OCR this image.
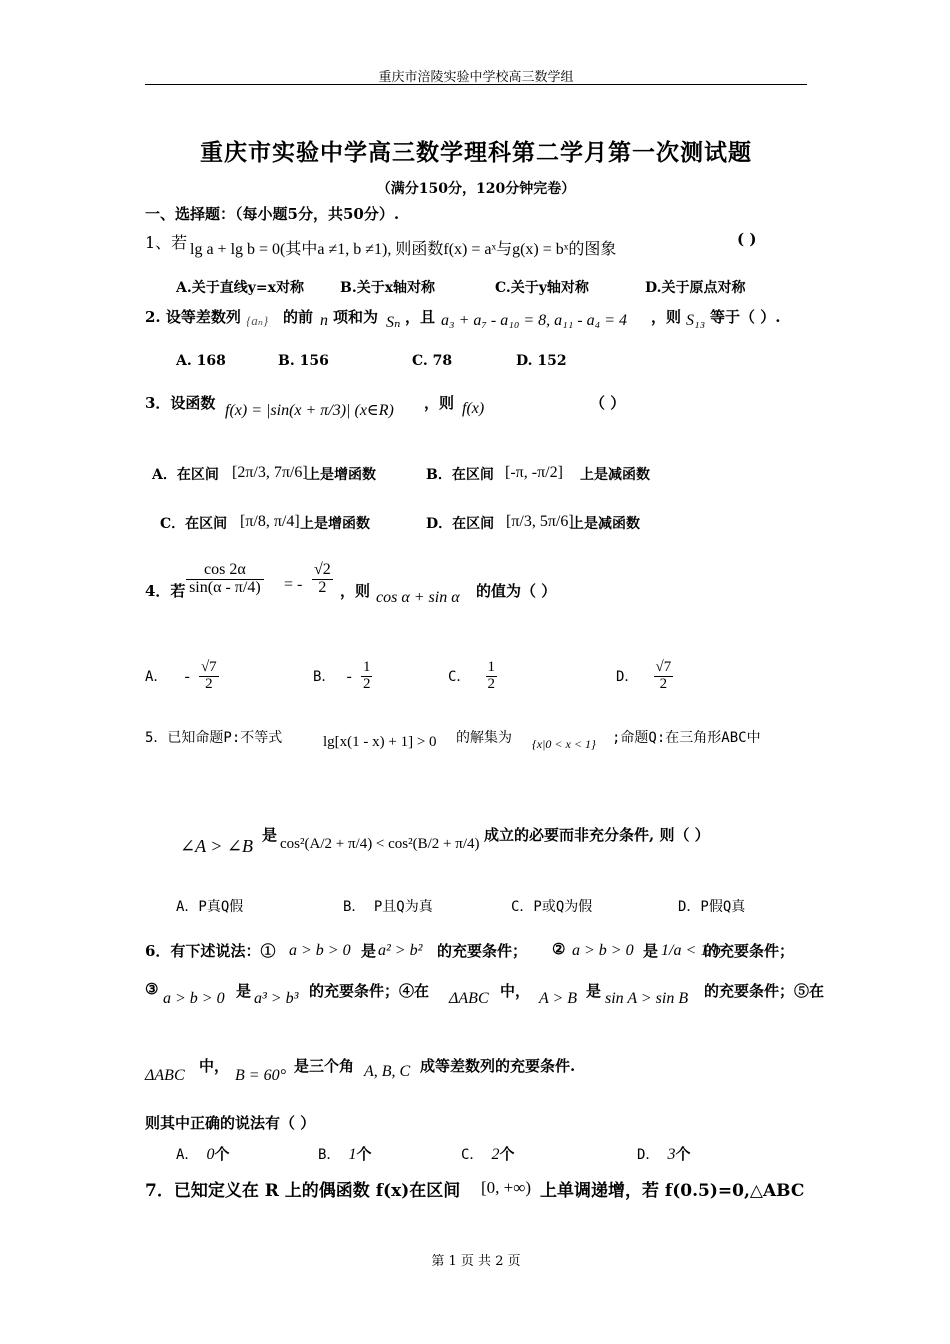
重庆市涪陵实验中学校高三数学组
重庆市实验中学高三数学理科第二学月第一次测试题
（满分150分，120分钟完卷）
一、选择题：（每小题5分，共50分）.
1、若 lg a + lg b = 0(其中a ≠1, b ≠1), 则函数f(x) = aˣ与g(x) = bˣ的图象
( )
A.关于直线y=x对称	B.关于x轴对称	C.关于y轴对称	D.关于原点对称
2. 设等差数列 {aₙ} 的前 n 项和为 Sₙ ，且 a₃ + a₇ - a₁₀ = 8, a₁₁ - a₄ = 4 ，则 S₁₃ 等于（ ）.
A. 168	B. 156	C. 78	D. 152
3．设函数 f(x) = |sin(x + π/3)| (x∈R) ，则 f(x)	（ ）
A．在区间 [2π/3, 7π/6]
上是增函数	B．在区间 [-π, -π/2] 上是减函数
C．在区间 [π/8, π/4] 上是增函数	D．在区间 [π/3, 5π/6]
上是减函数
4．若 $\frac{\cos 2\alpha}{\sin(\alpha - \pi/4)}$ = - $\frac{√2}{2}$ ，则 cos α + sin α 的值为（ ）
A． - $\frac{√7}{2}$	B． - $\frac{1}{2}$	C． $\frac{1}{2}$	D． $\frac{√7}{2}$
5．已知命题P:不等式	lg[x(1 - x) + 1] > 0 的解集为 {x|0 < x < 1} ;命题Q:在三角形ABC中
∠A > ∠B
是 cos²(A/2 + π/4) < cos²(B/2 + π/4) 成立的必要而非充分条件, 则（ ）
A．P真Q假	B． P且Q为真	C．P或Q为假	D．P假Q真
6．有下述说法：① a > b > 0 是 a² > b² 的充要条件； ② a > b > 0 是 1/a < 1/b
的充要条件；
③
a > b > 0 是 a³ > b³ 的充要条件；④在 ΔABC 中， A > B 是 sin A > sin B 的充要条件；⑤在
ΔABC
中，
B = 60°
是三个角 A, B, C 成等差数列的充要条件.
则其中正确的说法有（ ）
A． 0个	B． 1个	C． 2个	D． 3个
7．已知定义在 R 上的偶函数 f(x)在区间 [0, +∞) 上单调递增，若 f(0.5)=0,△ABC
第 1 页 共 2 页
